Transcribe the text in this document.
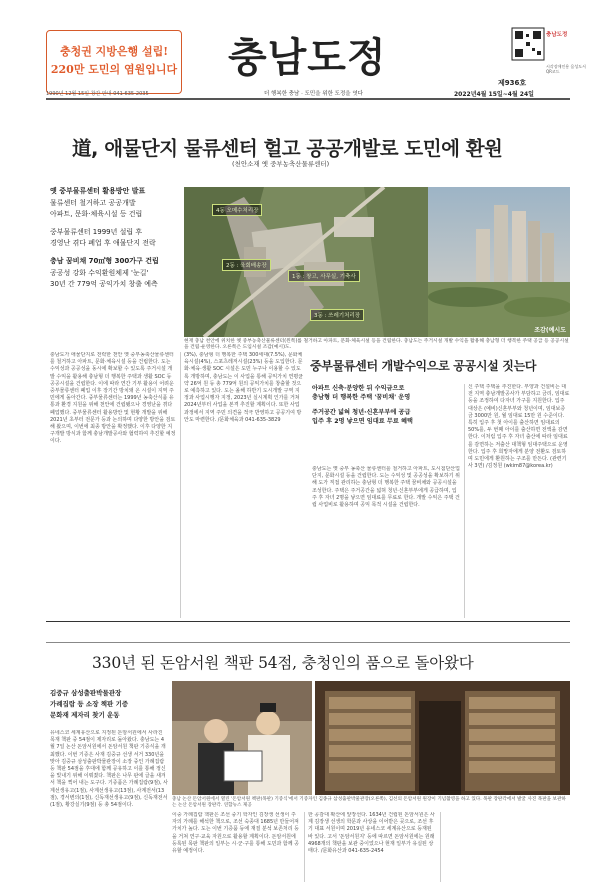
충청권 지방은행 설립!
220만 도민의 염원입니다
1990년 12월 15일 창간 안내 041-635-2035
충남도정
더 행복한 충남 · 도민을 위한 도정을 엿다
제936호
2022년4월 15일~4월 24일
충남도정
시각장애인용 음성도서 QR코드
道, 애물단지 물류센터 헐고 공공개발로 도민에 환원
(천안소재 옛 중부농축산물류센터)
옛 중부물류센터 활용방안 발표
물류센터 철거하고 공공개발
아파트, 문화·체육시설 등 건립
중부물류센터 1999년 설립 후
경영난 겪다 폐업 후 애물단지 전락
충남 꿈비채 70㎡형 300가구 건립
공공성 강화 수익환원체제 '눈길'
30년 간 779억 공익가치 창출 예측
4동 오메수처리장
2동 : 육회배송장
1동 : 창고, 사무실, 기축사
3동 : 쓰레기처리장
조감(예시도
현재 충남 천안에 위치한 옛 중부농축산물류센터(왼쪽)를 철거하고 아파트, 문화·체육시설 등을 건립한다. 충남도는 주거시설 개발 수익을 활용해 충남형 더 행복한 주택 공급 등 공공시설을 건립·운영한다. 오른쪽은 도입시설 조감(예시)도.
충남도가 애물단지로 전락한 천안 옛 중부농축산물류센터를 철거하고 아파트, 문화·체육시설 등을 건립한다. 도는 수익성과 공공성을 동시에 확보할 수 있도록 주거시설 개발 수익을 활용해 충남형 더 행복한 주택과 생활 SOC 등 공공시설을 건립한다. 이에 따라 연간 기부 활용이 어려운 중부물류센터 폐업 이후 장기간 방치돼 온 시설이 지역 주민에게 돌아간다. 중부물류센터는 1999년 농축산식품 유통과 환경 지원을 위해 천안에 건립됐으나 경영난을 겪다 폐업했다. 중부물류센터 활용방안 및 현황 개발을 위해 2021년 초부터 전문가 등과 논의하며 다양한 방안을 검토해 왔으며, 이번에 최종 방안을 확정했다. 이후 다양한 지구개발 방식과 함께 충남개발공사와 협력하여 추진할 예정이다.
(3%), 충남형 더 행복한 주택 300세대(7.5%), 문화체육시설(4%), 스포츠레저시설(23%) 등을 도입한다. 문화·체육·생활 SOC 시설은 도민 누구나 이용할 수 있도록 개방하며, 충남도는 이 사업을 통해 공익가치 연평균 약 26억 원 등 총 779억 원의 공익가치를 창출할 것으로 예측하고 있다. 도는 올해 하반기 도시개발 구역 지정과 사업시행자 지정, 2023년 실시계획 인가를 거쳐 2024년부터 사업을 본격 추진할 계획이다. 또한 사업 과정에서 지역 주민 의견을 적극 반영하고 공공기여 방안도 마련한다. /문화체육과 041-635-3829
중부물류센터 개발수익으로 공공시설 짓는다
아파트 신축·분양한 뒤 수익금으로
충남형 더 행복한 주택 '꿈비채' 운영
주거공간 넓혀 청년·신혼부부에 공급
입주 후 2명 낳으면 임대료 무료 혜택
충남도는 옛 중부 농축산 물류센터를 철거하고 아파트, 도시첨단산업단지, 문화시설 등을 건립한다. 도는 수익성 및 공공성을 확보하기 위해 도가 직접 관리하는 충남형 더 행복한 주택 꿈비채와 공공시설을 조성한다. 주택은 주거공간을 넓혀 청년·신혼부부에게 공급하며, 입주 후 자녀 2명을 낳으면 임대료를 무료로 한다. 개발 수익은 주택 건립 사업비로 활용하며 공익 목적 시설을 건립한다.
신 주택 주택을 추진한다. 부양과 건설비는 대전 지역 충남개발공사가 부담하고 금리, 임대료 등을 조정하여 다자녀 가구를 지원한다. 입주 대상은 (예비)신혼부부와 청년이며, 임대보증금 3000만 원, 월 임대료 15만 원 수준이다. 특히 입주 후 첫 아이를 출산하면 임대료의 50%를, 두 번째 아이를 출산하면 전액을 감면한다. 이처럼 입주 후 자녀 출산에 따라 임대료를 감면하는 저출산 대책형 임대주택으로 운영한다. 입주 후 희망자에게 분양 전환도 검토하며 도민에게 환원하는 구조를 만든다. (관련기사 3면) /김정원 (wkim87@korea.kr)
330년 된 돈암서원 책판 54점, 충청인의 품으로 돌아왔다
김중규 삼성출판박물관장
가례집람 등 소장 책판 기증
문화재 제자리 찾기 운동
유네스코 세계유산으로 지정된 돈암서원에서 사라진 목재 책판 중 54점이 제자리로 돌아왔다. 충남도는 4월 7일 논산 돈암서원에서 돈암서원 책판 기증식을 개최했다. 이번 기증은 사재 김중규 선생 서거 330년을 맞아 김중규 삼성출판박물관장이 소장 중인 가례집람 등 책판 54점을 후대에 함께 공유하고 이를 통해 정신을 빛내기 위해 이뤄졌다. 책판은 나무 판에 글을 새겨서 책을 찍어 내는 도구다. 기증품은 가례집람(9점), 사계선생유고(1점), 사계선생유고(13점), 사계전서(13점), 경서변의(1점), 신독재선생유고(9점), 신독재전서(1점), 황강실기(9점) 등 총 54점이다.
충남 논산 돈암서원에서 열린 '돈암서원 책판(목판) 기증식'에서 기증자인 김종규 삼성출판박물관장(오른쪽), 김선의 돈암서원 원장이 기념촬영을 하고 있다. 목판 장판각에서 발굴 사진 목판을 보관하는 논산 돈암서원 장판각. 연합뉴스 제공
이중 가례집람 책판은 조선 중기 학자인 김장생 선생이 주자의 가례를 해석한 책으로, 조선 숙종대 1685년 만들어져 가치가 높다. 도는 이번 기증품 등에 재질 분석 보존처리 등을 거쳐 연구·교육 자원으로 활용할 계획이다. 돈암서원에 등록된 목판 책판의 일부는 시·군·구를 통해 도민과 함께 공유할 예정이다.
한 공감대 확산에 앞장선다. 1634년 건립된 돈암서원은 사계 김장생 선생의 학문과 사상을 이어받은 곳으로, 조선 후기 대표 서원이며 2019년 유네스코 세계유산으로 등재된 바 있다. 고서 '돈암서원지' 등에 따르면 돈암서원에는 원래 4968개의 책판을 보관 중이었으나 현재 일부가 유실된 상태다. /문화유산과 041-635-2454
